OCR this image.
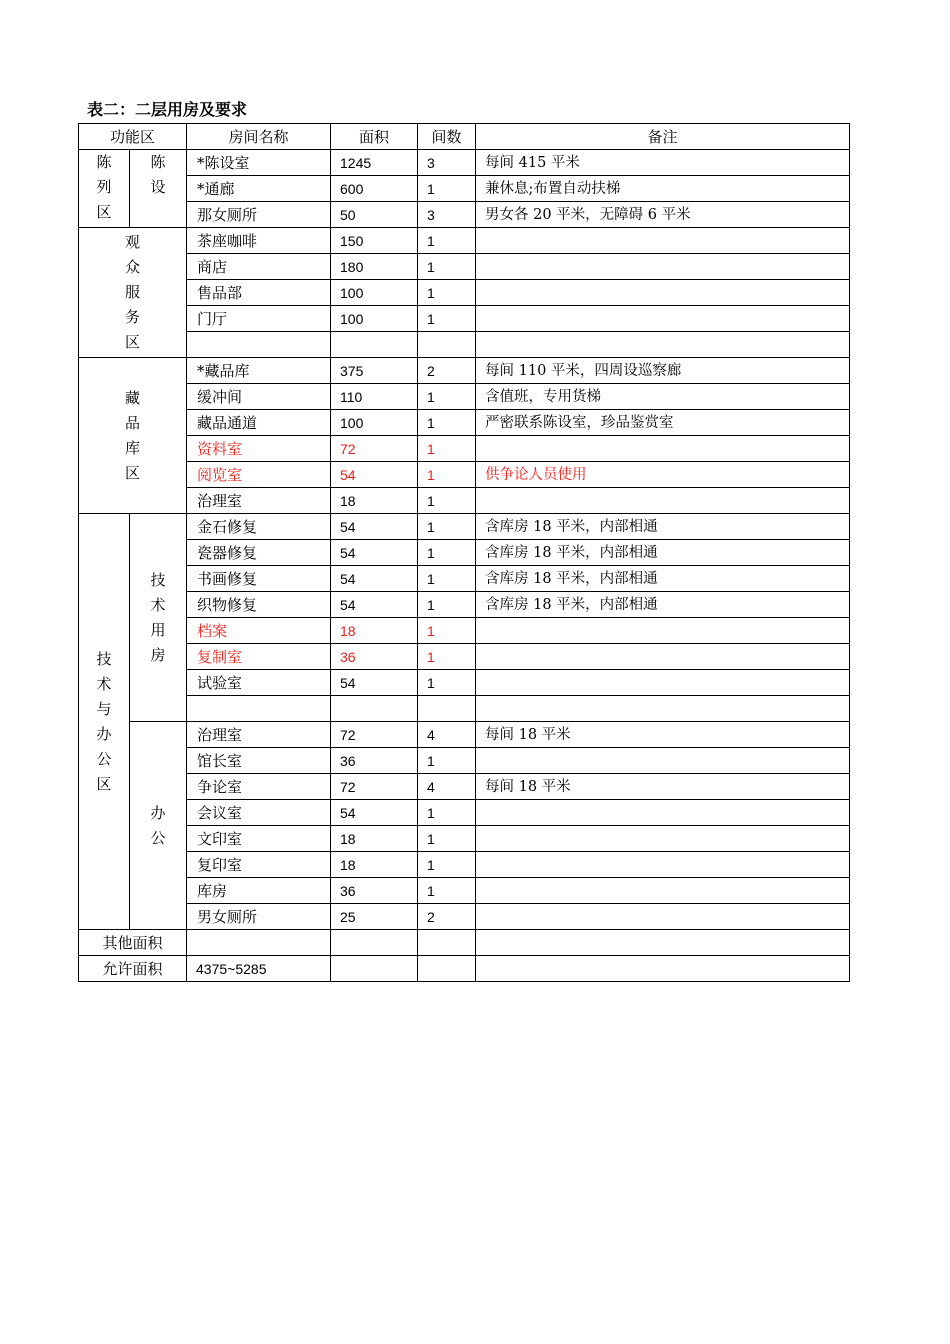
表二：二层用房及要求
功能区		房间名称	面积	间数	备注
陈列区	陈设	*陈设室	1245	3	每间 415 平米
		*通廊	600	1	兼休息;布置自动扶梯
		那女厕所	50	3	男女各 20 平米，无障碍 6 平米
观众服务区		茶座咖啡	150	1	
		商店	180	1	
		售品部	100	1	
		门厅	100	1	

藏品库区		*藏品库	375	2	每间 110 平米，四周设巡察廊
		缓冲间	110	1	含值班，专用货梯
		藏品通道	100	1	严密联系陈设室，珍品鉴赏室
		资料室	72	1	
		阅览室	54	1	供争论人员使用
		治理室	18	1	
技术与办公区	技术用房	金石修复	54	1	含库房 18 平米，内部相通
		瓷器修复	54	1	含库房 18 平米，内部相通
		书画修复	54	1	含库房 18 平米，内部相通
		织物修复	54	1	含库房 18 平米，内部相通
		档案	18	1	
		复制室	36	1	
		试验室	54	1	

	办公	治理室	72	4	每间 18 平米
		馆长室	36	1	
		争论室	72	4	每间 18 平米
		会议室	54	1	
		文印室	18	1	
		复印室	18	1	
		库房	36	1	
		男女厕所	25	2	
其他面积					
允许面积		4375~5285			
